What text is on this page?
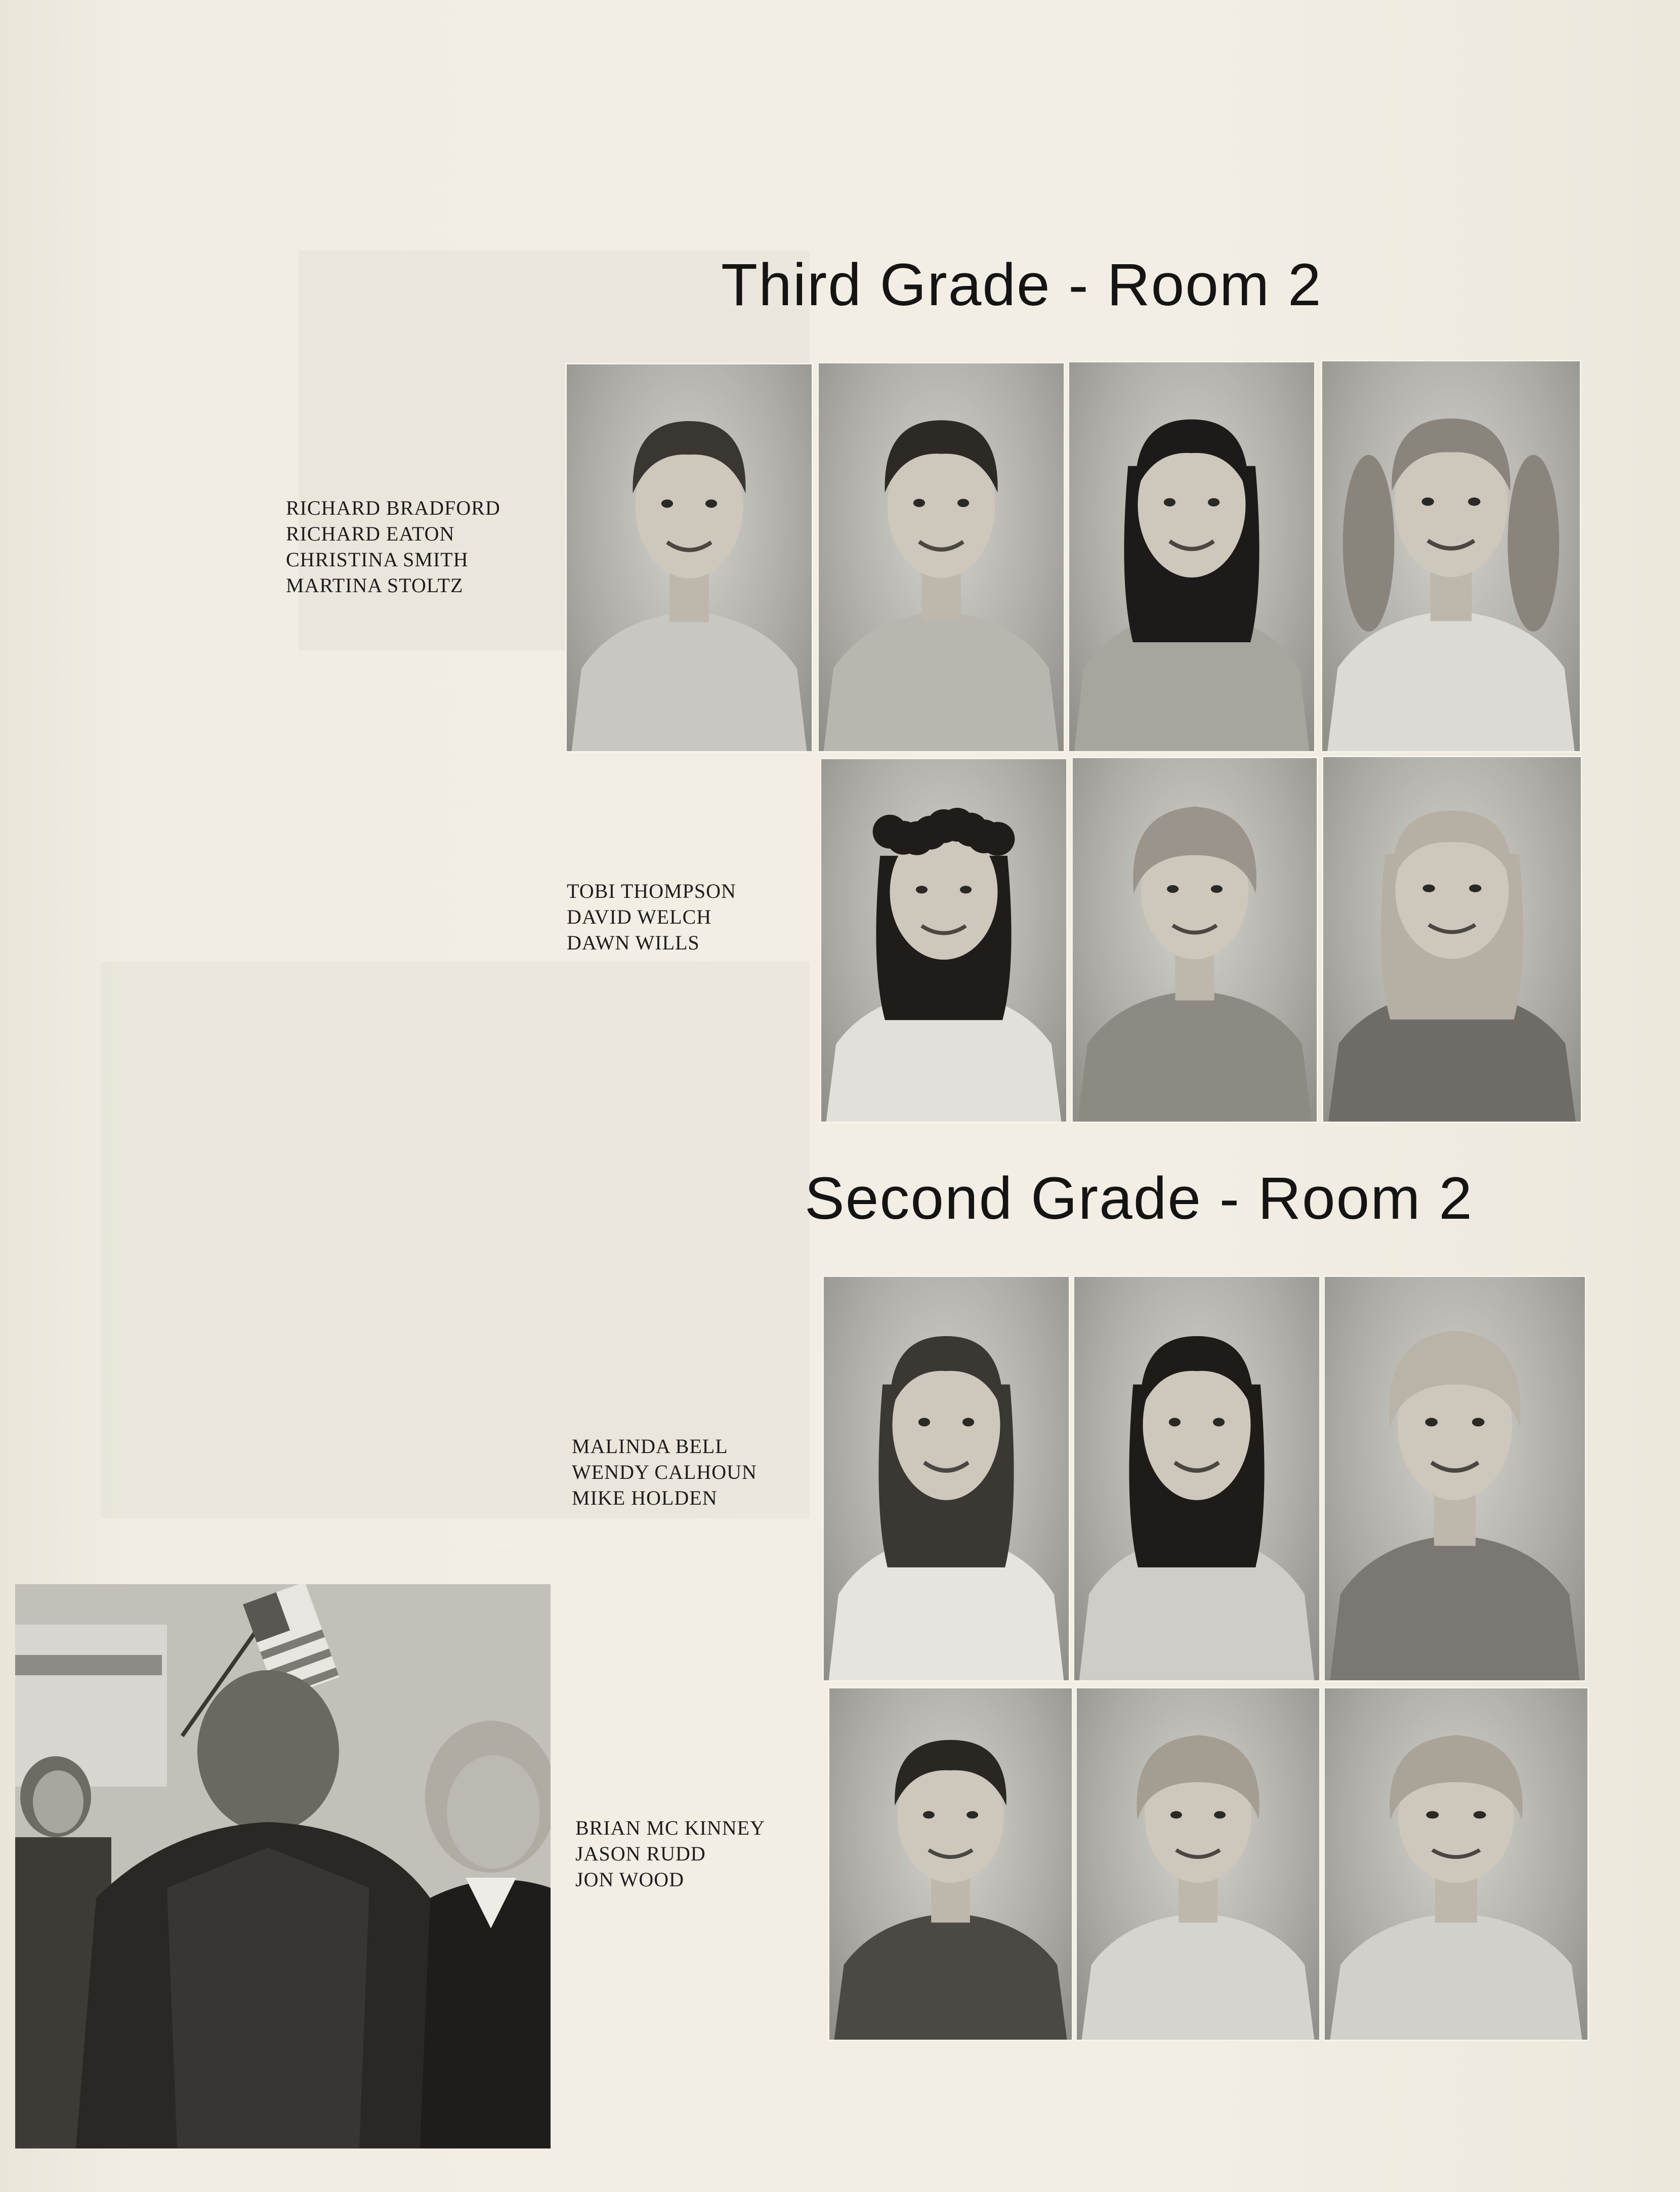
Third Grade - Room 2
RICHARD BRADFORD
RICHARD EATON
CHRISTINA SMITH
MARTINA STOLTZ
TOBI THOMPSON
DAVID WELCH
DAWN WILLS
Second Grade - Room 2
MALINDA BELL
WENDY CALHOUN
MIKE HOLDEN
BRIAN MC KINNEY
JASON RUDD
JON WOOD
